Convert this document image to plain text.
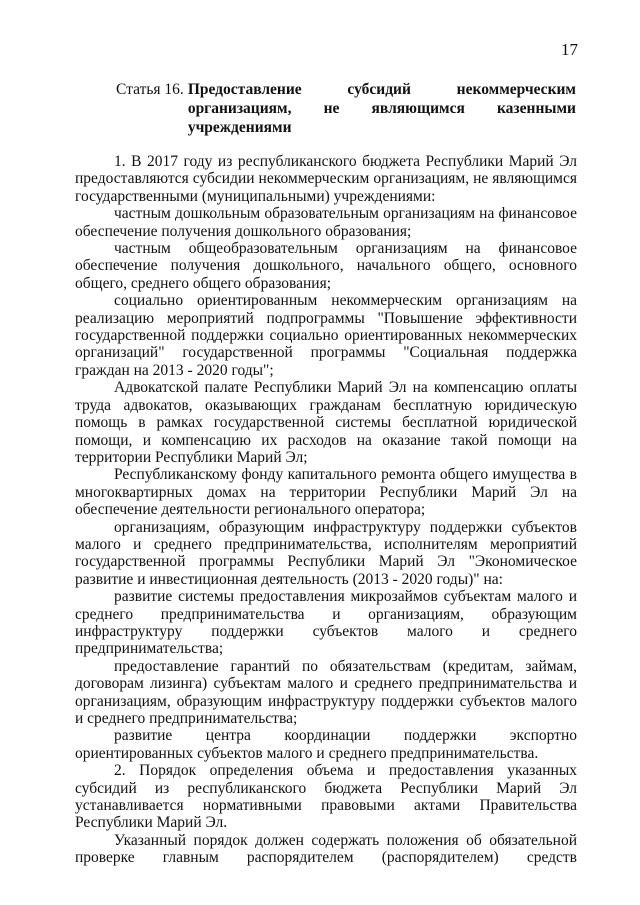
17
Статья 16. Предоставление субсидий некоммерческим организациям, не являющимся казенными учреждениями

1. В 2017 году из республиканского бюджета Республики Марий Эл предоставляются субсидии некоммерческим организациям, не являющимся государственными (муниципальными) учреждениями:

частным дошкольным образовательным организациям на финансовое обеспечение получения дошкольного образования;

частным общеобразовательным организациям на финансовое обеспечение получения дошкольного, начального общего, основного общего, среднего общего образования;

социально ориентированным некоммерческим организациям на реализацию мероприятий подпрограммы "Повышение эффективности государственной поддержки социально ориентированных некоммерческих организаций" государственной программы "Социальная поддержка граждан на 2013 - 2020 годы";

Адвокатской палате Республики Марий Эл на компенсацию оплаты труда адвокатов, оказывающих гражданам бесплатную юридическую помощь в рамках государственной системы бесплатной юридической помощи, и компенсацию их расходов на оказание такой помощи на территории Республики Марий Эл;

Республиканскому фонду капитального ремонта общего имущества в многоквартирных домах на территории Республики Марий Эл на обеспечение деятельности регионального оператора;

организациям, образующим инфраструктуру поддержки субъектов малого и среднего предпринимательства, исполнителям мероприятий государственной программы Республики Марий Эл "Экономическое развитие и инвестиционная деятельность (2013 - 2020 годы)" на:

развитие системы предоставления микрозаймов субъектам малого и среднего предпринимательства и организациям, образующим инфраструктуру поддержки субъектов малого и среднего предпринимательства;

предоставление гарантий по обязательствам (кредитам, займам, договорам лизинга) субъектам малого и среднего предпринимательства и организациям, образующим инфраструктуру поддержки субъектов малого и среднего предпринимательства;

развитие центра координации поддержки экспортно ориентированных субъектов малого и среднего предпринимательства.

2. Порядок определения объема и предоставления указанных субсидий из республиканского бюджета Республики Марий Эл устанавливается нормативными правовыми актами Правительства Республики Марий Эл.

Указанный порядок должен содержать положения об обязательной проверке главным распорядителем (распорядителем) средств
